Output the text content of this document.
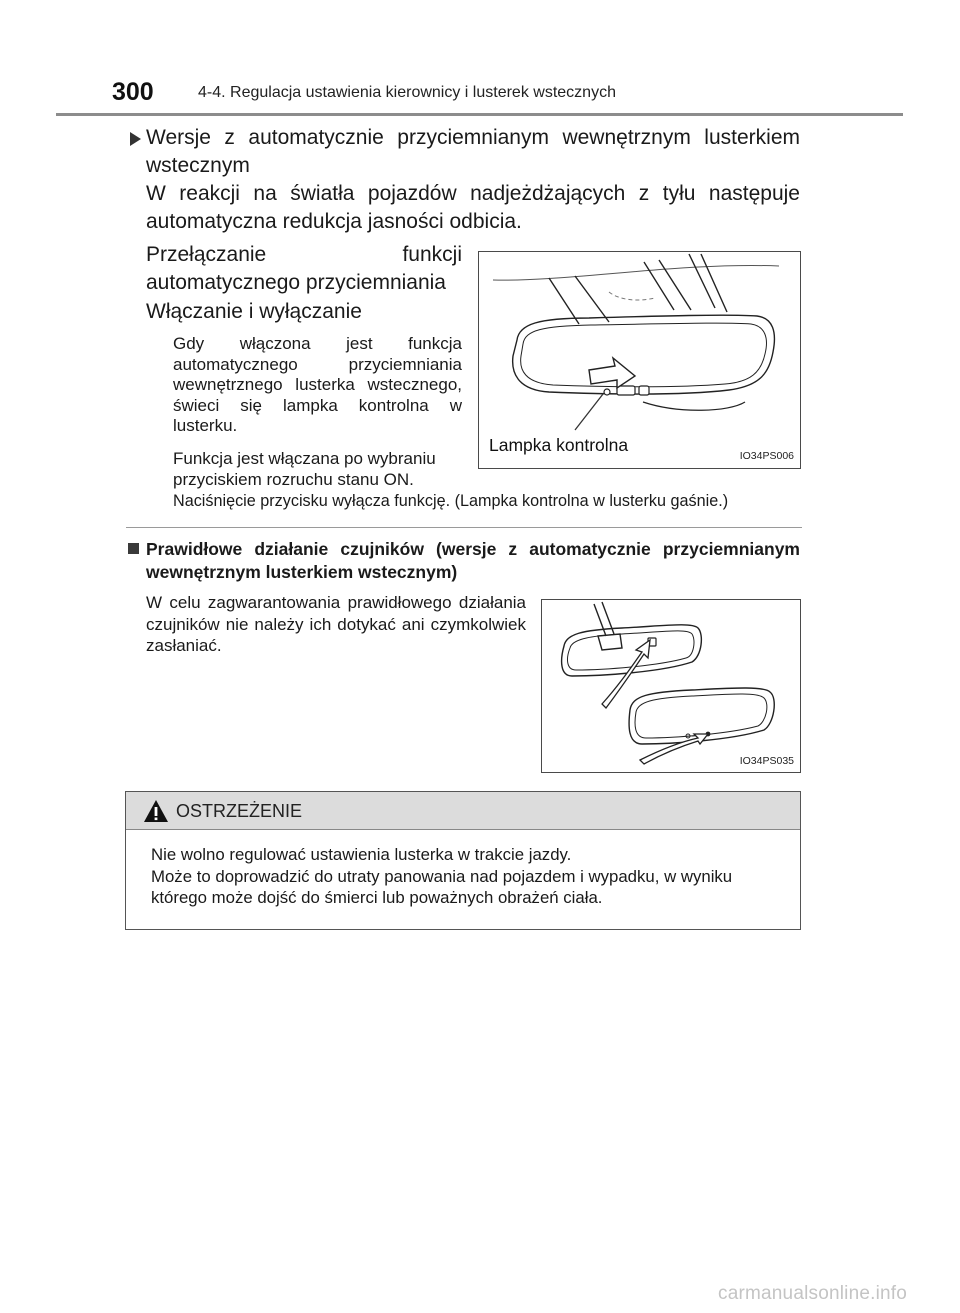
300	4-4. Regulacja ustawienia kierownicy i lusterek wstecznych
Wersje z automatycznie przyciemnianym wewnętrznym lusterkiem wstecznym
W reakcji na światła pojazdów nadjeżdżających z tyłu następuje automatyczna redukcja jasności odbicia.
Przełączanie funkcji automatycznego przyciemniania
Włączanie i wyłączanie
Gdy włączona jest funkcja automatycznego przyciemniania wewnętrznego lusterka wstecznego, świeci się lampka kontrolna w lusterku.
Funkcja jest włączana po wybraniu przyciskiem rozruchu stanu ON.
Naciśnięcie przycisku wyłącza funkcję. (Lampka kontrolna w lusterku gaśnie.)
Lampka kontrolna
IO34PS006
Prawidłowe działanie czujników (wersje z automatycznie przyciemnianym wewnętrznym lusterkiem wstecznym)
W celu zagwarantowania prawidłowego działania czujników nie należy ich dotykać ani czymkolwiek zasłaniać.
IO34PS035
OSTRZEŻENIE
Nie wolno regulować ustawienia lusterka w trakcie jazdy.
Może to doprowadzić do utraty panowania nad pojazdem i wypadku, w wyniku którego może dojść do śmierci lub poważnych obrażeń ciała.
carmanualsonline.info
